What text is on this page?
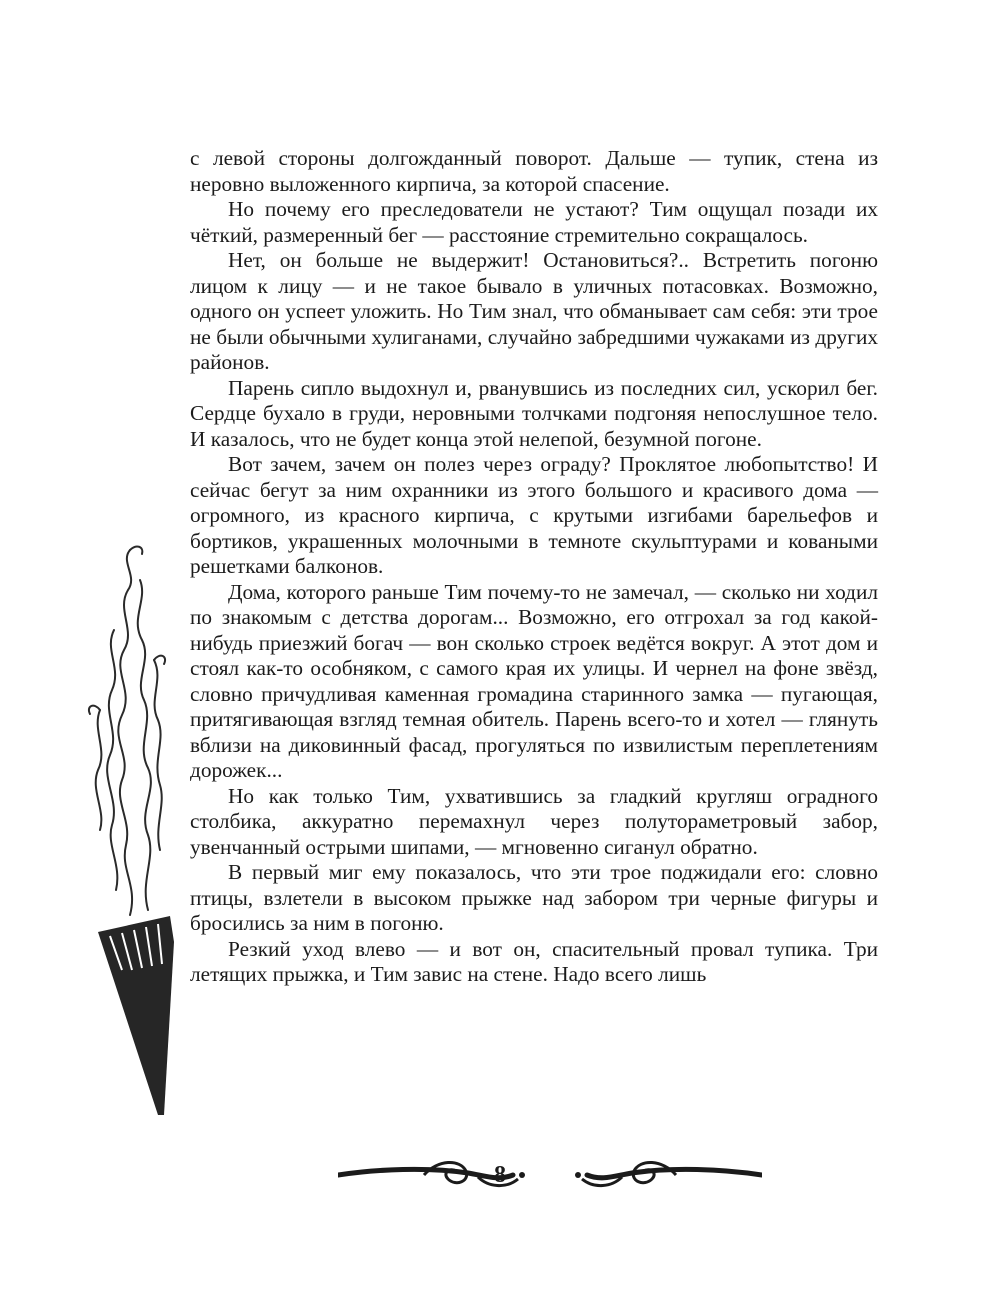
с левой стороны долгожданный поворот. Дальше — тупик, стена из неровно выложенного кирпича, за которой спасение.

Но почему его преследователи не устают? Тим ощущал позади их чёткий, размеренный бег — расстояние стремительно сокращалось.

Нет, он больше не выдержит! Остановиться?.. Встретить погоню лицом к лицу — и не такое бывало в уличных потасовках. Возможно, одного он успеет уложить. Но Тим знал, что обманывает сам себя: эти трое не были обычными хулиганами, случайно забредшими чужаками из других районов.

Парень сипло выдохнул и, рванувшись из последних сил, ускорил бег. Сердце бухало в груди, неровными толчками подгоняя непослушное тело. И казалось, что не будет конца этой нелепой, безумной погоне.

Вот зачем, зачем он полез через ограду? Проклятое любопытство! И сейчас бегут за ним охранники из этого большого и красивого дома — огромного, из красного кирпича, с крутыми изгибами барельефов и бортиков, украшенных молочными в темноте скульптурами и коваными решетками балконов.

Дома, которого раньше Тим почему-то не замечал, — сколько ни ходил по знакомым с детства дорогам... Возможно, его отгрохал за год какой-нибудь приезжий богач — вон сколько строек ведётся вокруг. А этот дом и стоял как-то особняком, с самого края их улицы. И чернел на фоне звёзд, словно причудливая каменная громадина старинного замка — пугающая, притягивающая взгляд темная обитель. Парень всего-то и хотел — глянуть вблизи на диковинный фасад, прогуляться по извилистым переплетениям дорожек...

Но как только Тим, ухватившись за гладкий кругляш оградного столбика, аккуратно перемахнул через полутораметровый забор, увенчанный острыми шипами, — мгновенно сиганул обратно.

В первый миг ему показалось, что эти трое поджидали его: словно птицы, взлетели в высоком прыжке над забором три черные фигуры и бросились за ним в погоню.

Резкий уход влево — и вот он, спасительный провал тупика. Три летящих прыжка, и Тим завис на стене. Надо всего лишь

8
